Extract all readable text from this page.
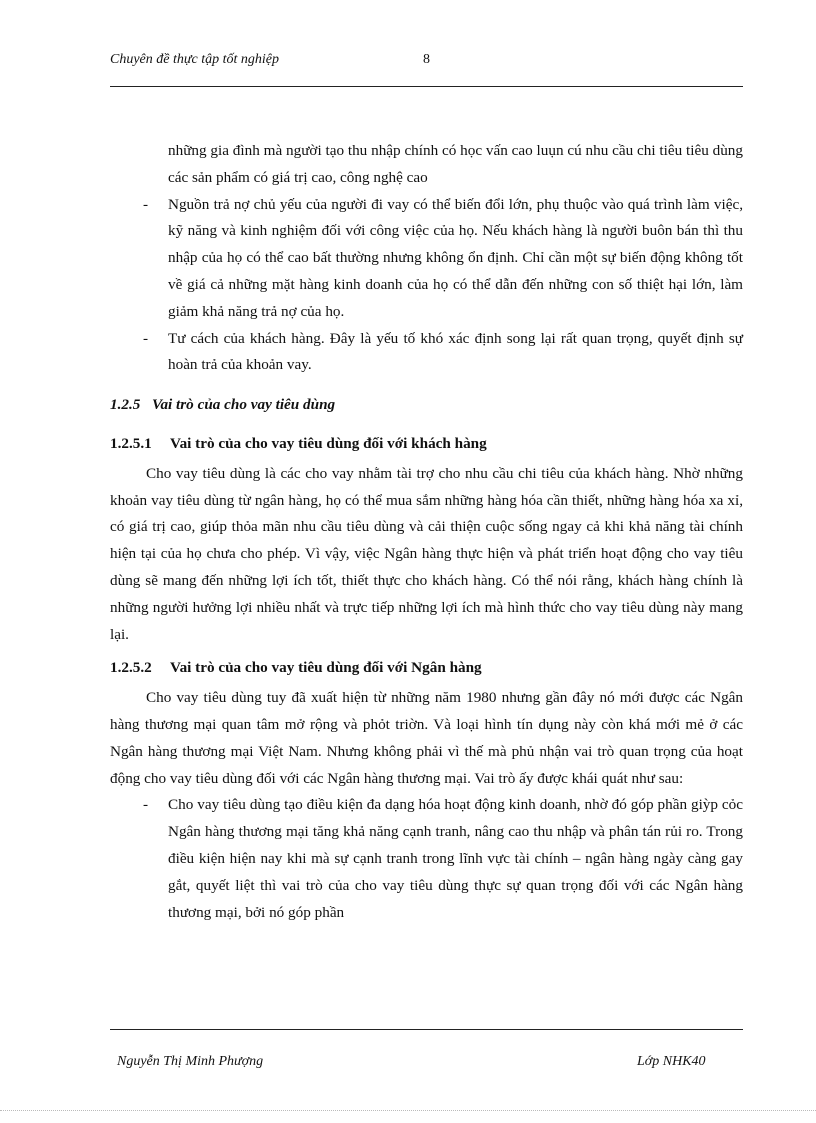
Chuyên đề thực tập tốt nghiệp	8

những gia đình mà người tạo thu nhập chính có học vấn cao luụn cú nhu cầu chi tiêu tiêu dùng các sản phẩm có giá trị cao, công nghệ cao

- Nguồn trả nợ chủ yếu của người đi vay có thể biến đổi lớn, phụ thuộc vào quá trình làm việc, kỹ năng và kinh nghiệm đối với công việc của họ. Nếu khách hàng là người buôn bán thì thu nhập của họ có thể cao bất thường nhưng không ổn định. Chỉ cần một sự biến động không tốt về giá cả những mặt hàng kinh doanh của họ có thể dẫn đến những con số thiệt hại lớn, làm giảm khả năng trả nợ của họ.

- Tư cách của khách hàng. Đây là yếu tố khó xác định song lại rất quan trọng, quyết định sự hoàn trả của khoản vay.

1.2.5 Vai trò của cho vay tiêu dùng
1.2.5.1 Vai trò của cho vay tiêu dùng đối với khách hàng

Cho vay tiêu dùng là các cho vay nhằm tài trợ cho nhu cầu chi tiêu của khách hàng. Nhờ những khoản vay tiêu dùng từ ngân hàng, họ có thể mua sắm những hàng hóa cần thiết, những hàng hóa xa xỉ, có giá trị cao, giúp thỏa mãn nhu cầu tiêu dùng và cải thiện cuộc sống ngay cả khi khả năng tài chính hiện tại của họ chưa cho phép. Vì vậy, việc Ngân hàng thực hiện và phát triển hoạt động cho vay tiêu dùng sẽ mang đến những lợi ích tốt, thiết thực cho khách hàng. Có thể nói rằng, khách hàng chính là những người hưởng lợi nhiều nhất và trực tiếp những lợi ích mà hình thức cho vay tiêu dùng này mang lại.

1.2.5.2 Vai trò của cho vay tiêu dùng đối với Ngân hàng

Cho vay tiêu dùng tuy đã xuất hiện từ những năm 1980 nhưng gần đây nó mới được các Ngân hàng thương mại quan tâm mở rộng và phỏt triờn. Và loại hình tín dụng này còn khá mới mẻ ở các Ngân hàng thương mại Việt Nam. Nhưng không phải vì thế mà phủ nhận vai trò quan trọng của hoạt động cho vay tiêu dùng đối với các Ngân hàng thương mại. Vai trò ấy được khái quát như sau:

- Cho vay tiêu dùng tạo điều kiện đa dạng hóa hoạt động kinh doanh, nhờ đó góp phần giỳp cỏc Ngân hàng thương mại tăng khả năng cạnh tranh, nâng cao thu nhập và phân tán rủi ro. Trong điều kiện hiện nay khi mà sự cạnh tranh trong lĩnh vực tài chính – ngân hàng ngày càng gay gắt, quyết liệt thì vai trò của cho vay tiêu dùng thực sự quan trọng đối với các Ngân hàng thương mại, bởi nó góp phần

Nguyễn Thị Minh Phượng	Lớp NHK40
